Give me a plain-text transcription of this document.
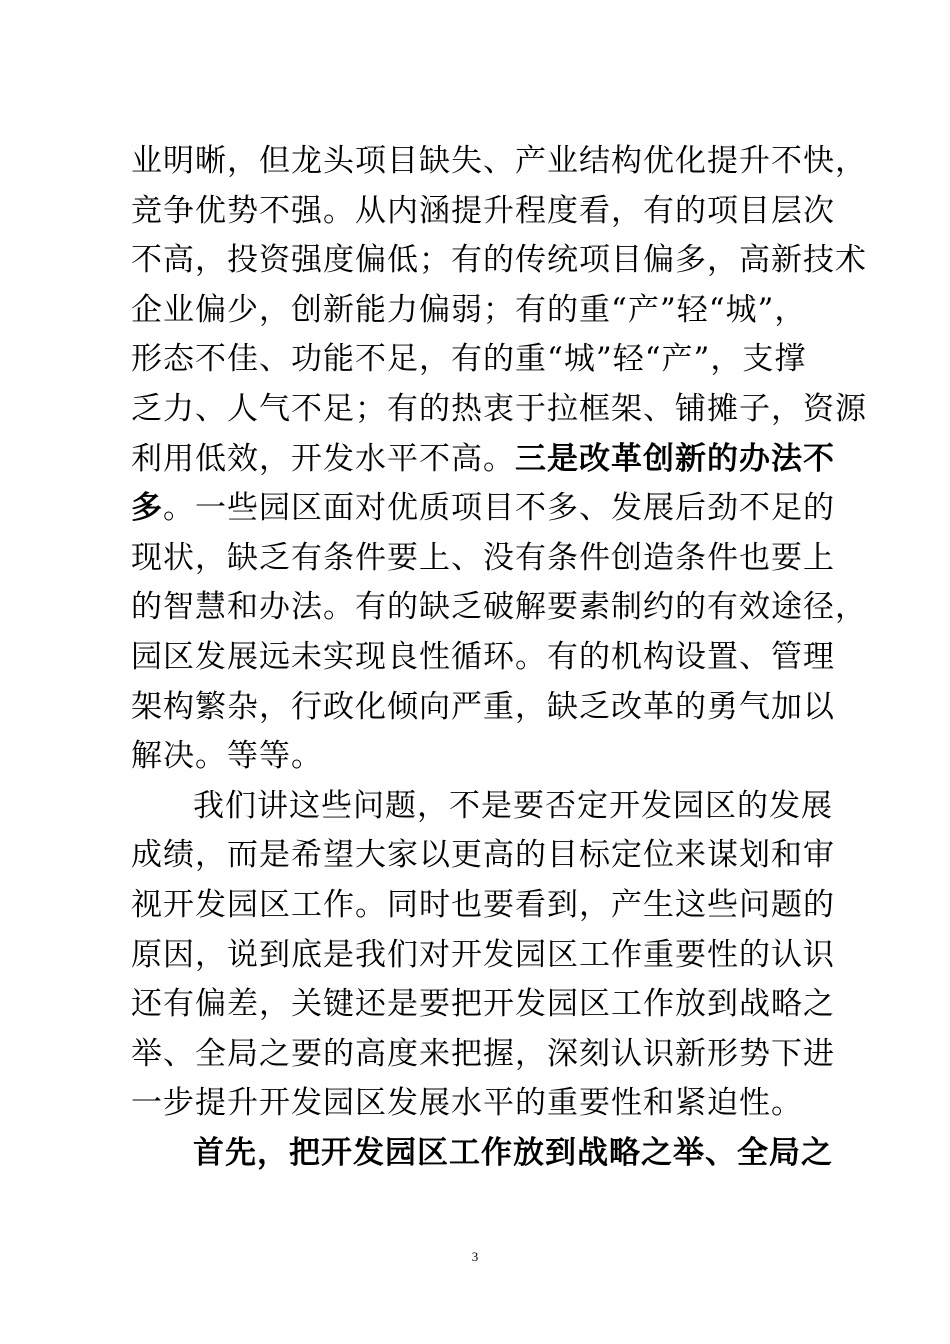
业明晰，但龙头项目缺失、产业结构优化提升不快，
竞争优势不强。从内涵提升程度看，有的项目层次
不高，投资强度偏低；有的传统项目偏多，高新技术
企业偏少，创新能力偏弱；有的重“产”轻“城”，
形态不佳、功能不足，有的重“城”轻“产”，支撑
乏力、人气不足；有的热衷于拉框架、铺摊子，资源
利用低效，开发水平不高。三是改革创新的办法不
多。一些园区面对优质项目不多、发展后劲不足的
现状，缺乏有条件要上、没有条件创造条件也要上
的智慧和办法。有的缺乏破解要素制约的有效途径，
园区发展远未实现良性循环。有的机构设置、管理
架构繁杂，行政化倾向严重，缺乏改革的勇气加以
解决。等等。
我们讲这些问题，不是要否定开发园区的发展
成绩，而是希望大家以更高的目标定位来谋划和审
视开发园区工作。同时也要看到，产生这些问题的
原因，说到底是我们对开发园区工作重要性的认识
还有偏差，关键还是要把开发园区工作放到战略之
举、全局之要的高度来把握，深刻认识新形势下进
一步提升开发园区发展水平的重要性和紧迫性。
首先，把开发园区工作放到战略之举、全局之
3
